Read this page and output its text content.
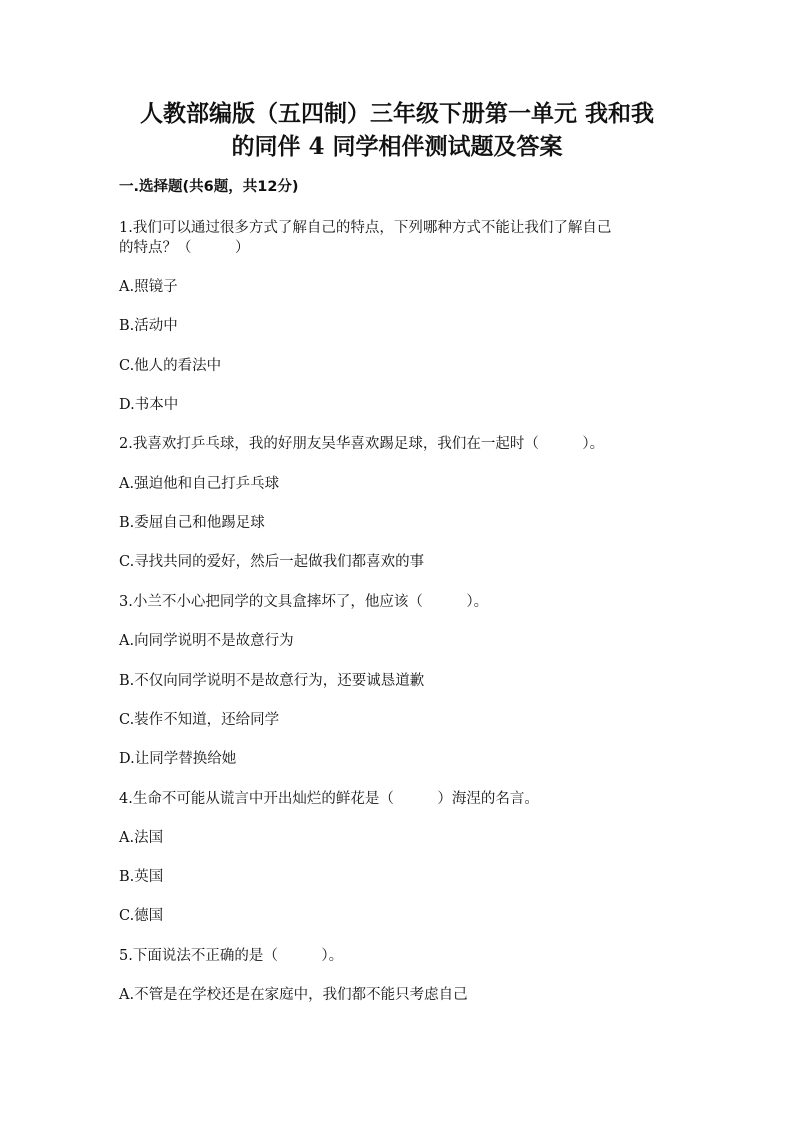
人教部编版（五四制）三年级下册第一单元 我和我
的同伴 4 同学相伴测试题及答案

一.选择题(共6题，共12分)

1.我们可以通过很多方式了解自己的特点，下列哪种方式不能让我们了解自己

的特点？（　　　）

A.照镜子

B.活动中

C.他人的看法中

D.书本中

2.我喜欢打乒乓球，我的好朋友吴华喜欢踢足球，我们在一起时（　　　）。

A.强迫他和自己打乒乓球

B.委屈自己和他踢足球

C.寻找共同的爱好，然后一起做我们都喜欢的事

3.小兰不小心把同学的文具盒摔坏了，他应该（　　　）。

A.向同学说明不是故意行为

B.不仅向同学说明不是故意行为，还要诚恳道歉

C.装作不知道，还给同学

D.让同学替换给她

4.生命不可能从谎言中开出灿烂的鲜花是（　　　）海涅的名言。

A.法国

B.英国

C.德国

5.下面说法不正确的是（　　　）。

A.不管是在学校还是在家庭中，我们都不能只考虑自己
